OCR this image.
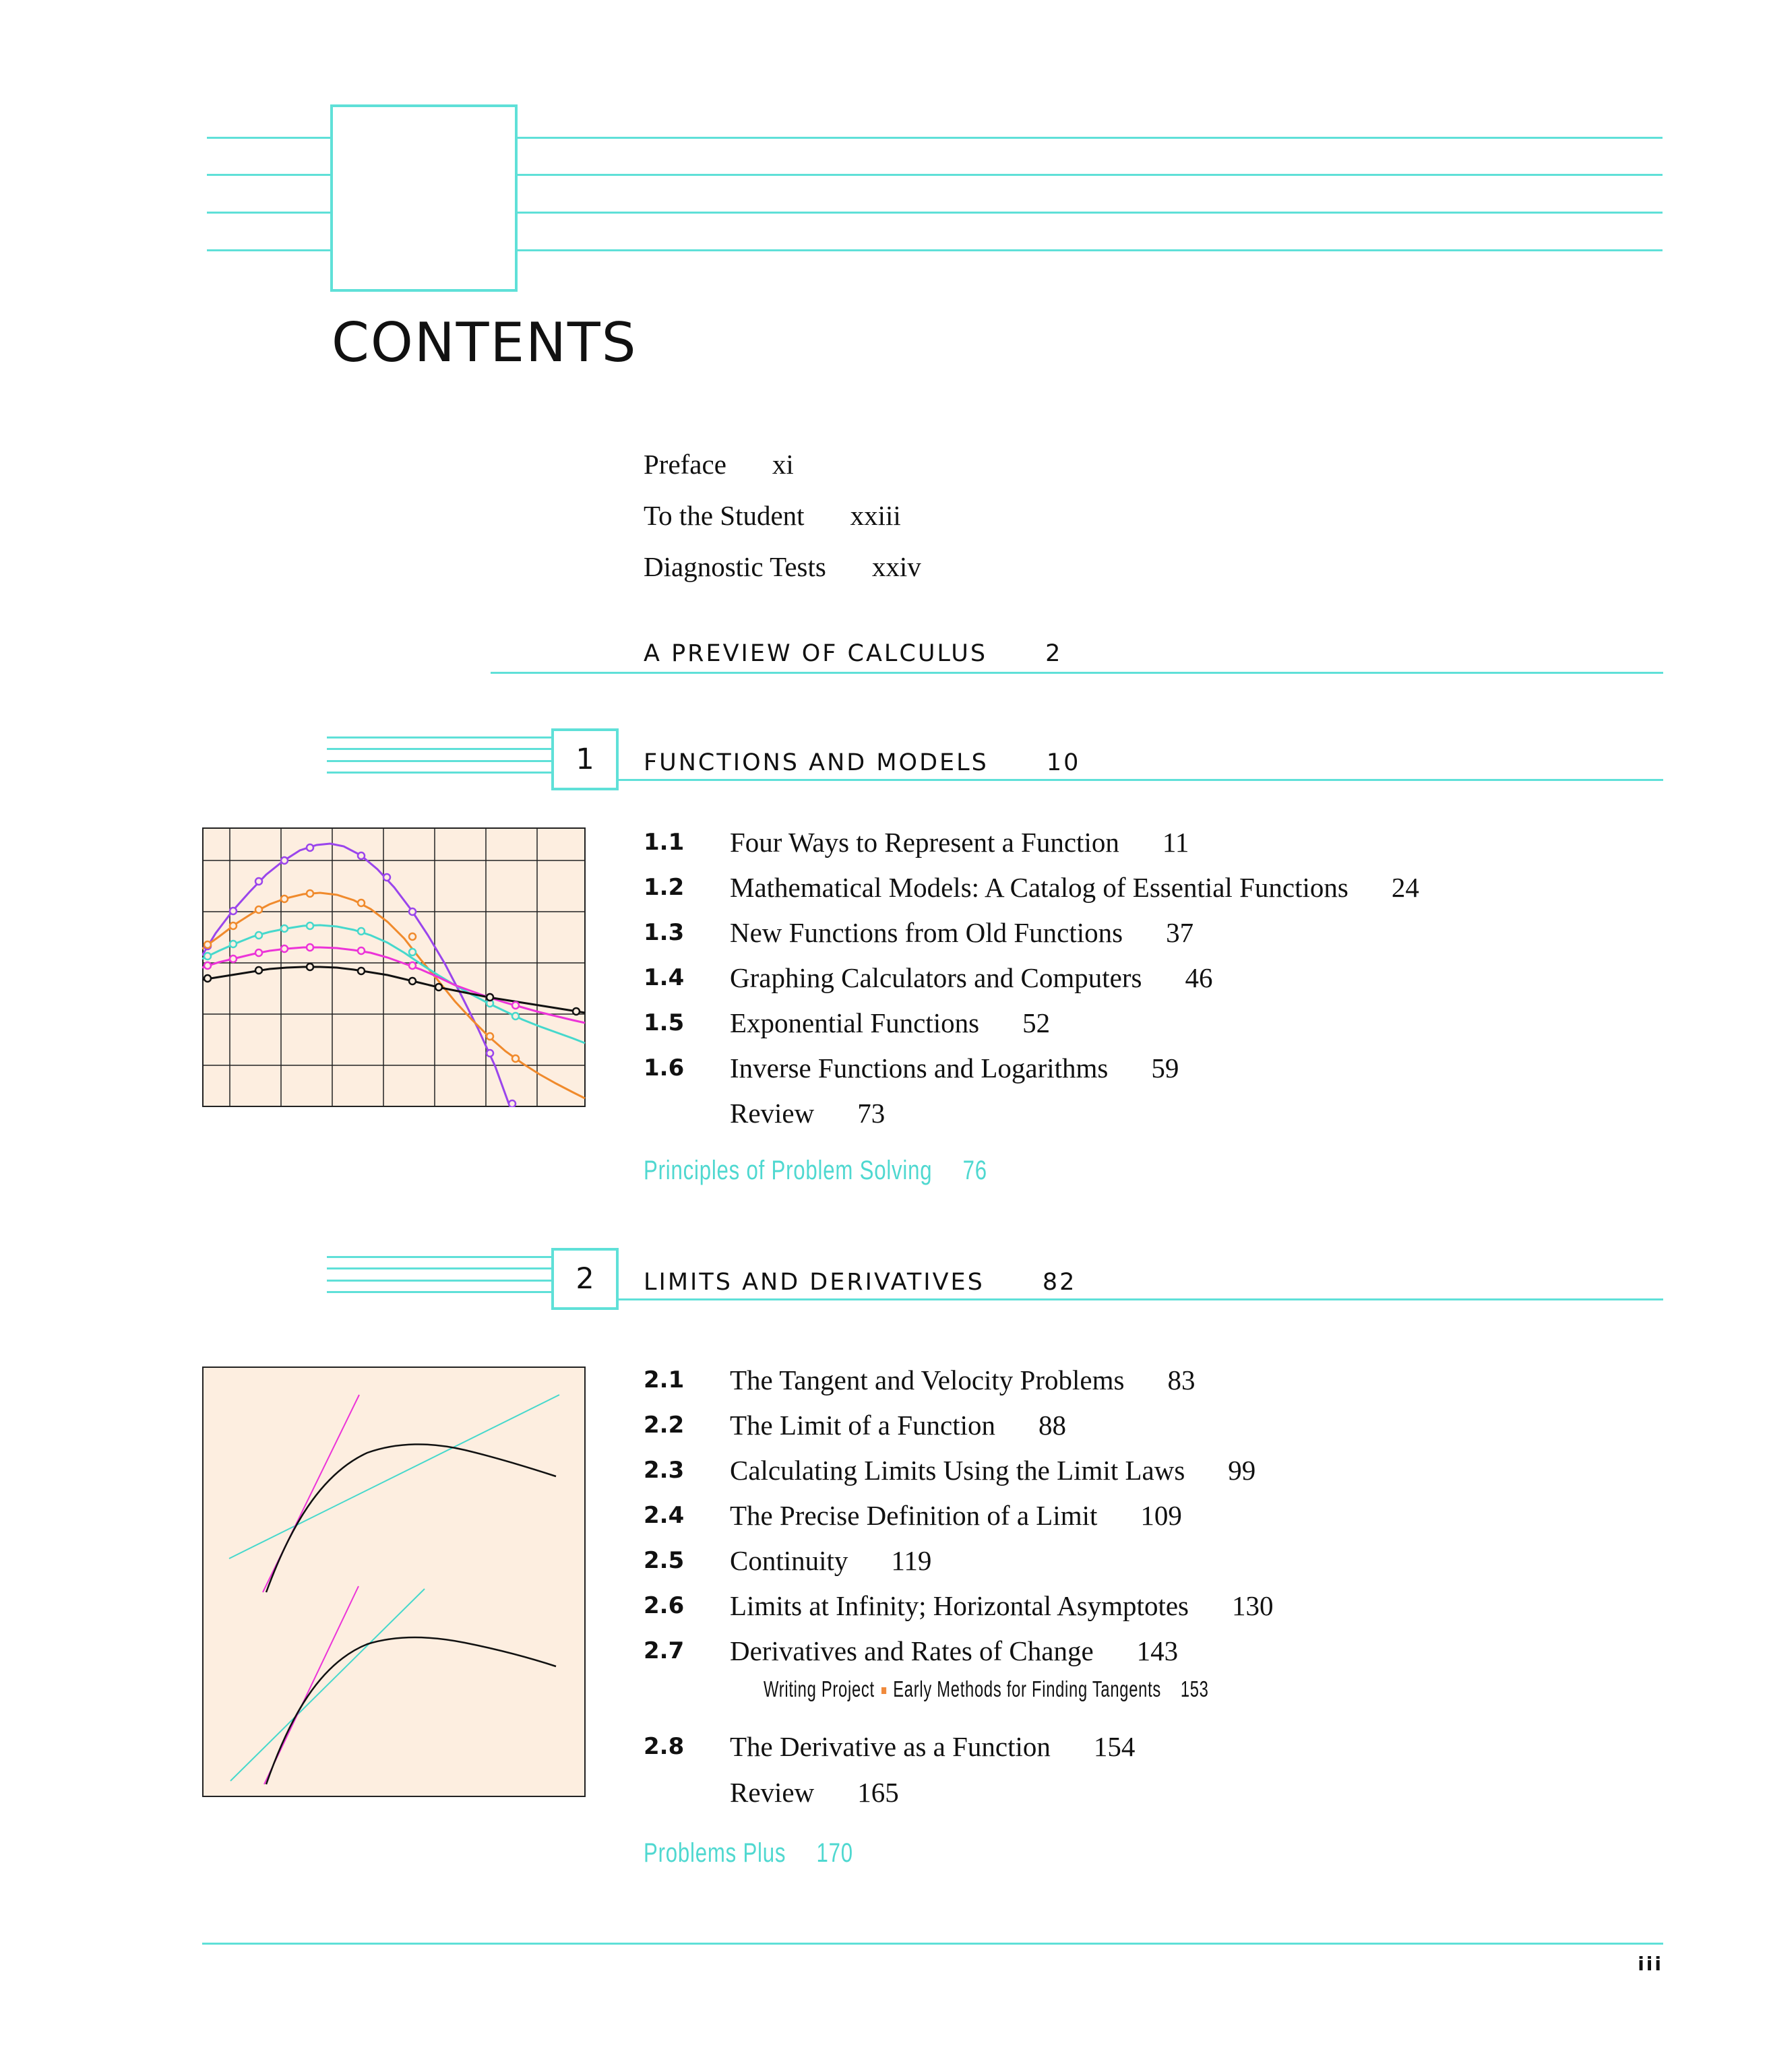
CONTENTS
Preface xi
To the Student xxiii
Diagnostic Tests xxiv
A PREVIEW OF CALCULUS 2
1	FUNCTIONS AND MODELS 10
1.1 Four Ways to Represent a Function 11
1.2 Mathematical Models: A Catalog of Essential Functions 24
1.3 New Functions from Old Functions 37
1.4 Graphing Calculators and Computers 46
1.5 Exponential Functions 52
1.6 Inverse Functions and Logarithms 59
Review 73
Principles of Problem Solving 76
2	LIMITS AND DERIVATIVES 82
2.1 The Tangent and Velocity Problems 83
2.2 The Limit of a Function 88
2.3 Calculating Limits Using the Limit Laws 99
2.4 The Precise Definition of a Limit 109
2.5 Continuity 119
2.6 Limits at Infinity; Horizontal Asymptotes 130
2.7 Derivatives and Rates of Change 143
Writing Project Early Methods for Finding Tangents 153
2.8 The Derivative as a Function 154
Review 165
Problems Plus 170
iii
